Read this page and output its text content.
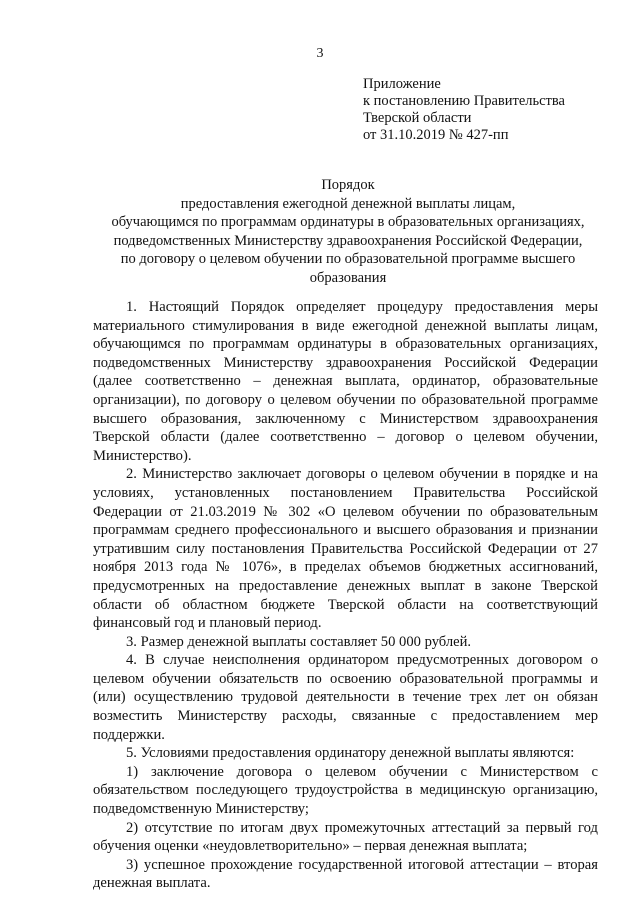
3
Приложение
к постановлению Правительства
Тверской области
от 31.10.2019 № 427-пп
Порядок
предоставления ежегодной денежной выплаты лицам,
обучающимся по программам ординатуры в образовательных организациях,
подведомственных Министерству здравоохранения Российской Федерации,
по договору о целевом обучении по образовательной программе высшего
образования

1. Настоящий Порядок определяет процедуру предоставления меры материального стимулирования в виде ежегодной денежной выплаты лицам, обучающимся по программам ординатуры в образовательных организациях, подведомственных Министерству здравоохранения Российской Федерации (далее соответственно – денежная выплата, ординатор, образовательные организации), по договору о целевом обучении по образовательной программе высшего образования, заключенному с Министерством здравоохранения Тверской области (далее соответственно – договор о целевом обучении, Министерство).

2. Министерство заключает договоры о целевом обучении в порядке и на условиях, установленных постановлением Правительства Российской Федерации от 21.03.2019 № 302 «О целевом обучении по образовательным программам среднего профессионального и высшего образования и признании утратившим силу постановления Правительства Российской Федерации от 27 ноября 2013 года № 1076», в пределах объемов бюджетных ассигнований, предусмотренных на предоставление денежных выплат в законе Тверской области об областном бюджете Тверской области на соответствующий финансовый год и плановый период.

3. Размер денежной выплаты составляет 50 000 рублей.

4. В случае неисполнения ординатором предусмотренных договором о целевом обучении обязательств по освоению образовательной программы и (или) осуществлению трудовой деятельности в течение трех лет он обязан возместить Министерству расходы, связанные с предоставлением мер поддержки.

5. Условиями предоставления ординатору денежной выплаты являются:

1) заключение договора о целевом обучении с Министерством с обязательством последующего трудоустройства в медицинскую организацию, подведомственную Министерству;

2) отсутствие по итогам двух промежуточных аттестаций за первый год обучения оценки «неудовлетворительно» – первая денежная выплата;

3) успешное прохождение государственной итоговой аттестации – вторая денежная выплата.
